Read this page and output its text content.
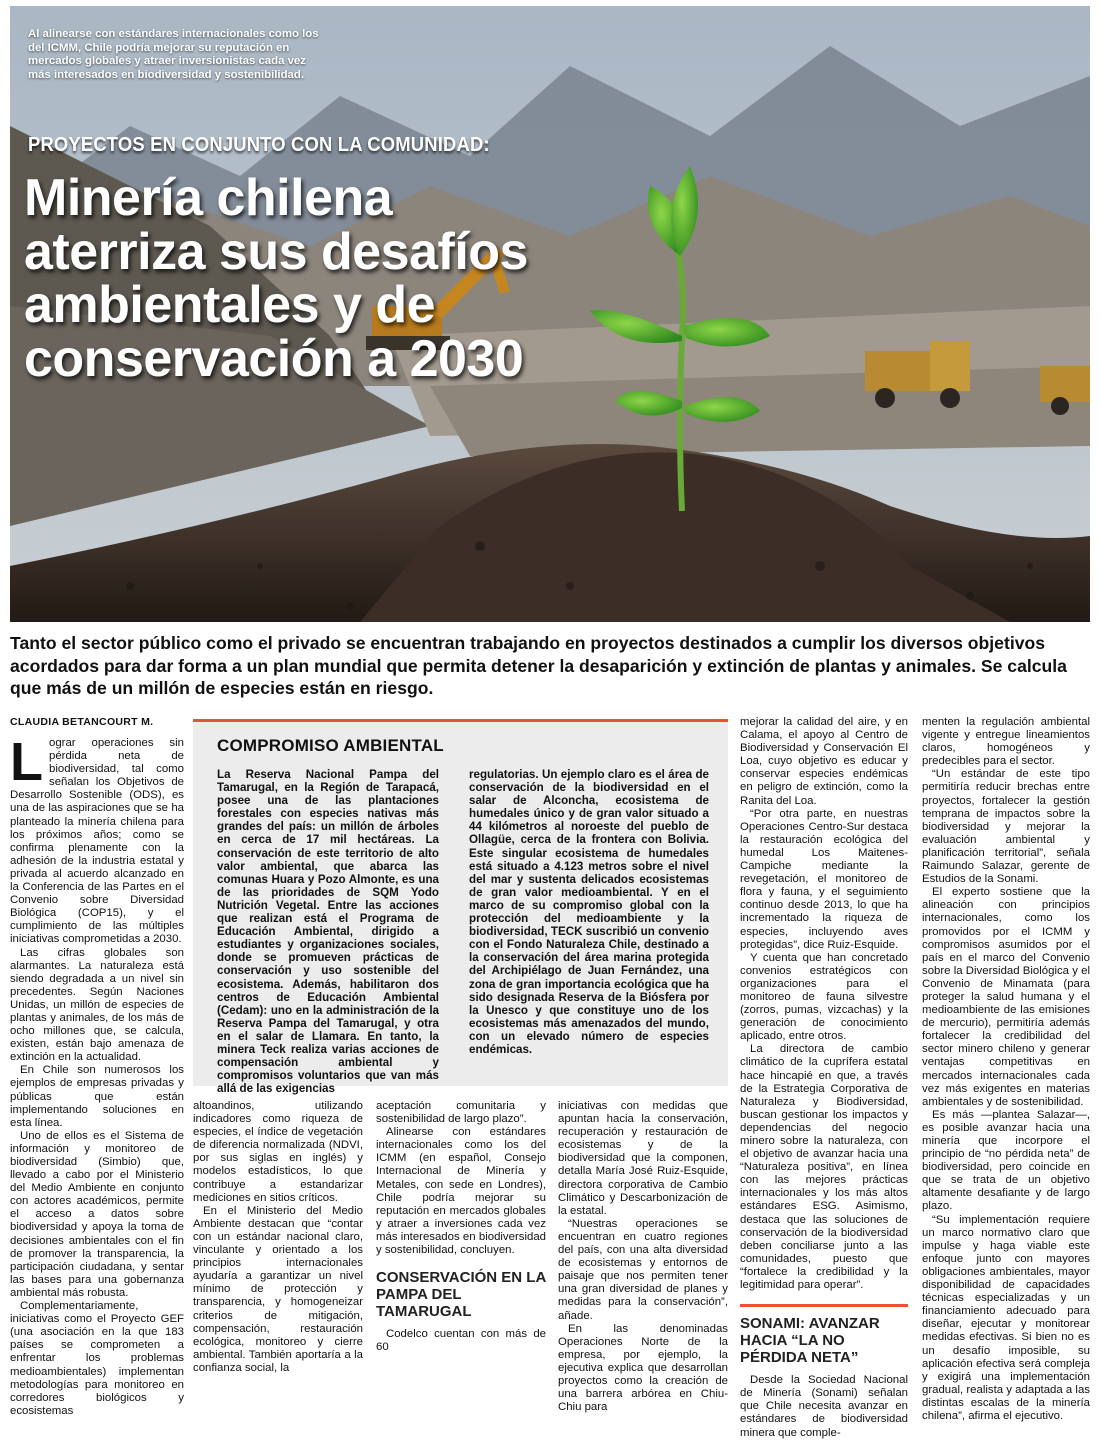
Al alinearse con estándares internacionales como los del ICMM, Chile podría mejorar su reputación en mercados globales y atraer inversionistas cada vez más interesados en biodiversidad y sostenibilidad.
PROYECTOS EN CONJUNTO CON LA COMUNIDAD:
Minería chilena aterriza sus desafíos ambientales y de conservación a 2030
Tanto el sector público como el privado se encuentran trabajando en proyectos destinados a cumplir los diversos objetivos acordados para dar forma a un plan mundial que permita detener la desaparición y extinción de plantas y animales. Se calcula que más de un millón de especies están en riesgo.
CLAUDIA BETANCOURT M.

Lograr operaciones sin pérdida neta de biodiversidad, tal como señalan los Objetivos de Desarrollo Sostenible (ODS), es una de las aspiraciones que se ha planteado la minería chilena para los próximos años; como se confirma plenamente con la adhesión de la industria estatal y privada al acuerdo alcanzado en la Conferencia de las Partes en el Convenio sobre Diversidad Biológica (COP15), y el cumplimiento de las múltiples iniciativas comprometidas a 2030.

Las cifras globales son alarmantes. La naturaleza está siendo degradada a un nivel sin precedentes. Según Naciones Unidas, un millón de especies de plantas y animales, de los más de ocho millones que, se calcula, existen, están bajo amenaza de extinción en la actualidad.

En Chile son numerosos los ejemplos de empresas privadas y públicas que están implementando soluciones en esta línea.

Uno de ellos es el Sistema de información y monitoreo de biodiversidad (Simbio) que, llevado a cabo por el Ministerio del Medio Ambiente en conjunto con actores académicos, permite el acceso a datos sobre biodiversidad y apoya la toma de decisiones ambientales con el fin de promover la transparencia, la participación ciudadana, y sentar las bases para una gobernanza ambiental más robusta.

Complementariamente, iniciativas como el Proyecto GEF (una asociación en la que 183 países se comprometen a enfrentar los problemas medioambientales) implementan metodologías para monitoreo en corredores biológicos y ecosistemas

COMPROMISO AMBIENTAL
La Reserva Nacional Pampa del Tamarugal, en la Región de Tarapacá, posee una de las plantaciones forestales con especies nativas más grandes del país: un millón de árboles en cerca de 17 mil hectáreas. La conservación de este territorio de alto valor ambiental, que abarca las comunas Huara y Pozo Almonte, es una de las prioridades de SQM Yodo Nutrición Vegetal. Entre las acciones que realizan está el Programa de Educación Ambiental, dirigido a estudiantes y organizaciones sociales, donde se promueven prácticas de conservación y uso sostenible del ecosistema. Además, habilitaron dos centros de Educación Ambiental (Cedam): uno en la administración de la Reserva Pampa del Tamarugal, y otra en el salar de Llamara. En tanto, la minera Teck realiza varias acciones de compensación ambiental y compromisos voluntarios que van más allá de las exigencias
regulatorias. Un ejemplo claro es el área de conservación de la biodiversidad en el salar de Alconcha, ecosistema de humedales único y de gran valor situado a 44 kilómetros al noroeste del pueblo de Ollagüe, cerca de la frontera con Bolivia. Este singular ecosistema de humedales está situado a 4.123 metros sobre el nivel del mar y sustenta delicados ecosistemas de gran valor medioambiental. Y en el marco de su compromiso global con la protección del medioambiente y la biodiversidad, TECK suscribió un convenio con el Fondo Naturaleza Chile, destinado a la conservación del área marina protegida del Archipiélago de Juan Fernández, una zona de gran importancia ecológica que ha sido designada Reserva de la Biósfera por la Unesco y que constituye uno de los ecosistemas más amenazados del mundo, con un elevado número de especies endémicas.

altoandinos, utilizando indicadores como riqueza de especies, el índice de vegetación de diferencia normalizada (NDVI, por sus siglas en inglés) y modelos estadísticos, lo que contribuye a estandarizar mediciones en sitios críticos.

En el Ministerio del Medio Ambiente destacan que “contar con un estándar nacional claro, vinculante y orientado a los principios internacionales ayudaría a garantizar un nivel mínimo de protección y transparencia, y homogeneizar criterios de mitigación, compensación, restauración ecológica, monitoreo y cierre ambiental. También aportaría a la confianza social, la

aceptación comunitaria y sostenibilidad de largo plazo”.

Alinearse con estándares internacionales como los del ICMM (en español, Consejo Internacional de Minería y Metales, con sede en Londres), Chile podría mejorar su reputación en mercados globales y atraer a inversiones cada vez más interesados en biodiversidad y sostenibilidad, concluyen.

CONSERVACIÓN EN LA PAMPA DEL TAMARUGAL

Codelco cuentan con más de 60

iniciativas con medidas que apuntan hacia la conservación, recuperación y restauración de ecosistemas y de la biodiversidad que la componen, detalla María José Ruiz-Esquide, directora corporativa de Cambio Climático y Descarbonización de la estatal.

“Nuestras operaciones se encuentran en cuatro regiones del país, con una alta diversidad de ecosistemas y entornos de paisaje que nos permiten tener una gran diversidad de planes y medidas para la conservación”, añade.

En las denominadas Operaciones Norte de la empresa, por ejemplo, la ejecutiva explica que desarrollan proyectos como la creación de una barrera arbórea en Chiu-Chiu para

mejorar la calidad del aire, y en Calama, el apoyo al Centro de Biodiversidad y Conservación El Loa, cuyo objetivo es educar y conservar especies endémicas en peligro de extinción, como la Ranita del Loa.

“Por otra parte, en nuestras Operaciones Centro-Sur destaca la restauración ecológica del humedal Los Maitenes-Campiche mediante la revegetación, el monitoreo de flora y fauna, y el seguimiento continuo desde 2013, lo que ha incrementado la riqueza de especies, incluyendo aves protegidas”, dice Ruiz-Esquide.

Y cuenta que han concretado convenios estratégicos con organizaciones para el monitoreo de fauna silvestre (zorros, pumas, vizcachas) y la generación de conocimiento aplicado, entre otros.

La directora de cambio climático de la cuprífera estatal hace hincapié en que, a través de la Estrategia Corporativa de Naturaleza y Biodiversidad, buscan gestionar los impactos y dependencias del negocio minero sobre la naturaleza, con el objetivo de avanzar hacia una “Naturaleza positiva”, en línea con las mejores prácticas internacionales y los más altos estándares ESG. Asimismo, destaca que las soluciones de conservación de la biodiversidad deben conciliarse junto a las comunidades, puesto que “fortalece la credibilidad y la legitimidad para operar”.

SONAMI: AVANZAR HACIA “LA NO PÉRDIDA NETA”

Desde la Sociedad Nacional de Minería (Sonami) señalan que Chile necesita avanzar en estándares de biodiversidad minera que comple-

menten la regulación ambiental vigente y entregue lineamientos claros, homogéneos y predecibles para el sector.

“Un estándar de este tipo permitiría reducir brechas entre proyectos, fortalecer la gestión temprana de impactos sobre la biodiversidad y mejorar la evaluación ambiental y planificación territorial”, señala Raimundo Salazar, gerente de Estudios de la Sonami.

El experto sostiene que la alineación con principios internacionales, como los promovidos por el ICMM y compromisos asumidos por el país en el marco del Convenio sobre la Diversidad Biológica y el Convenio de Minamata (para proteger la salud humana y el medioambiente de las emisiones de mercurio), permitiría además fortalecer la credibilidad del sector minero chileno y generar ventajas competitivas en mercados internacionales cada vez más exigentes en materias ambientales y de sostenibilidad.

Es más —plantea Salazar—, es posible avanzar hacia una minería que incorpore el principio de “no pérdida neta” de biodiversidad, pero coincide en que se trata de un objetivo altamente desafiante y de largo plazo.

“Su implementación requiere un marco normativo claro que impulse y haga viable este enfoque junto con mayores obligaciones ambientales, mayor disponibilidad de capacidades técnicas especializadas y un financiamiento adecuado para diseñar, ejecutar y monitorear medidas efectivas. Si bien no es un desafío imposible, su aplicación efectiva será compleja y exigirá una implementación gradual, realista y adaptada a las distintas escalas de la minería chilena”, afirma el ejecutivo.
